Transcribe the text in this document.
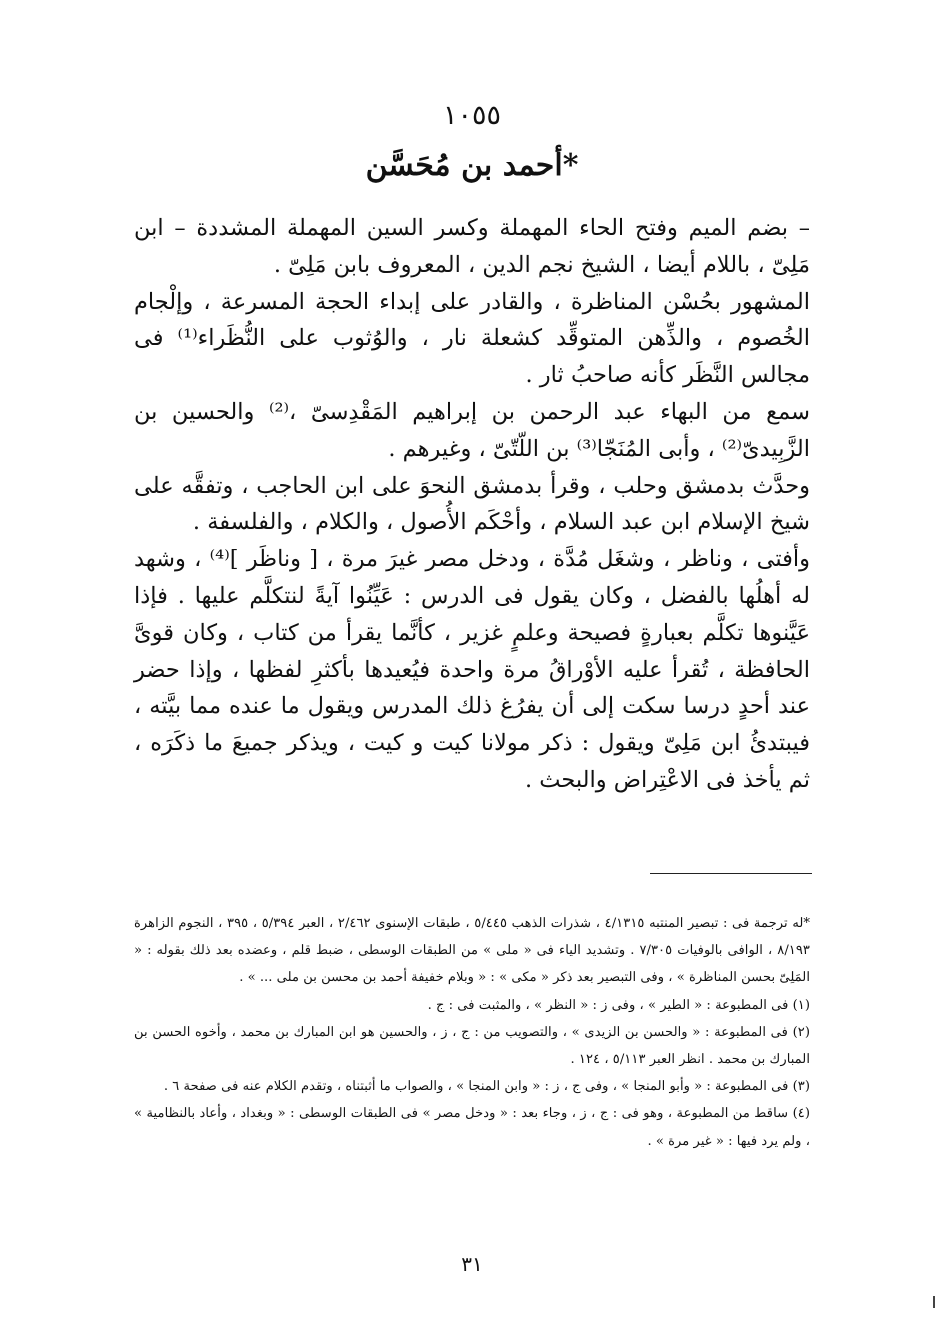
١٠٥٥
أحمد بن مُحَسَّن*

– بضم الميم وفتح الحاء المهملة وكسر السين المهملة المشددة – ابن مَلِىّ ، باللام أيضا ، الشيخ نجم الدين ، المعروف بابن مَلِىّ .

المشهور بحُسْن المناظرة ، والقادر على إبداء الحجة المسرعة ، وإلْجام الخُصوم ، والذِّهن المتوقِّد كشعلة نار ، والوُثوب على النُّظَراء⁽¹⁾ فى مجالس النَّظَر كأنه صاحبُ ثار .

سمع من البهاء عبد الرحمن بن إبراهيم المَقْدِسىّ ،⁽²⁾ والحسين بن الزَّبِيدىّ⁽²⁾ ، وأبى المُنَجّا⁽³⁾ بن اللّتّىّ ، وغيرهم .

وحدَّث بدمشق وحلب ، وقرأ بدمشق النحوَ على ابن الحاجب ، وتفقَّه على شيخ الإسلام ابن عبد السلام ، وأحْكَم الأُصول ، والكلام ، والفلسفة .

وأفتى ، وناظر ، وشغَل مُدَّة ، ودخل مصر غيرَ مرة ، [ وناظَر ]⁽⁴⁾ ، وشهد له أهلُها بالفضل ، وكان يقول فى الدرس : عَيِّنُوا آيةً لنتكلَّم عليها . فإذا عَيَّنوها تكلَّم بعبارةٍ فصيحة وعلمٍ غزير ، كأنَّما يقرأ من كتاب ، وكان قوىَّ الحافظة ، تُقرأ عليه الأوْراقُ مرة واحدة فيُعيدها بأكثرِ لفظها ، وإذا حضر عند أحدٍ درسا سكت إلى أن يفرُغ ذلك المدرس ويقول ما عنده مما بيَّته ، فيبتدئُ ابن مَلِىّ ويقول : ذكر مولانا كيت و كيت ، ويذكر جميعَ ما ذكَرَه ، ثم يأخذ فى الاعْتِراض والبحث .

*له ترجمة فى : تبصير المنتبه ٤/١٣١٥ ، شذرات الذهب ٥/٤٤٥ ، طبقات الإسنوى ٢/٤٦٢ ، العبر ٥/٣٩٤ ، ٣٩٥ ، النجوم الزاهرة ٨/١٩٣ ، الوافى بالوفيات ٧/٣٠٥ . وتشديد الياء فى « ملى » من الطبقات الوسطى ، ضبط قلم ، وعضده بعد ذلك بقوله : « المَلِىّ بحسن المناظرة » ، وفى التبصير بعد ذكر « مكى » : « وبلام خفيفة أحمد بن محسن بن ملى ... » .

(١) فى المطبوعة : « الطير » ، وفى ز : « النظر » ، والمثبت فى : ج .

(٢) فى المطبوعة : « والحسن بن الزيدى » ، والتصويب من : ج ، ز ، والحسين هو ابن المبارك بن محمد ، وأخوه الحسن بن المبارك بن محمد . انظر العبر ٥/١١٣ ، ١٢٤ .

(٣) فى المطبوعة : « وأبو المنجا » ، وفى ج ، ز : « وابن المنجا » ، والصواب ما أثبتناه ، وتقدم الكلام عنه فى صفحة ٦ .

(٤) ساقط من المطبوعة ، وهو فى : ج ، ز ، وجاء بعد : « ودخل مصر » فى الطبقات الوسطى : « وبغداد ، وأعاد بالنظامية » ، ولم يرد فيها : « غير مرة » .

٣١
